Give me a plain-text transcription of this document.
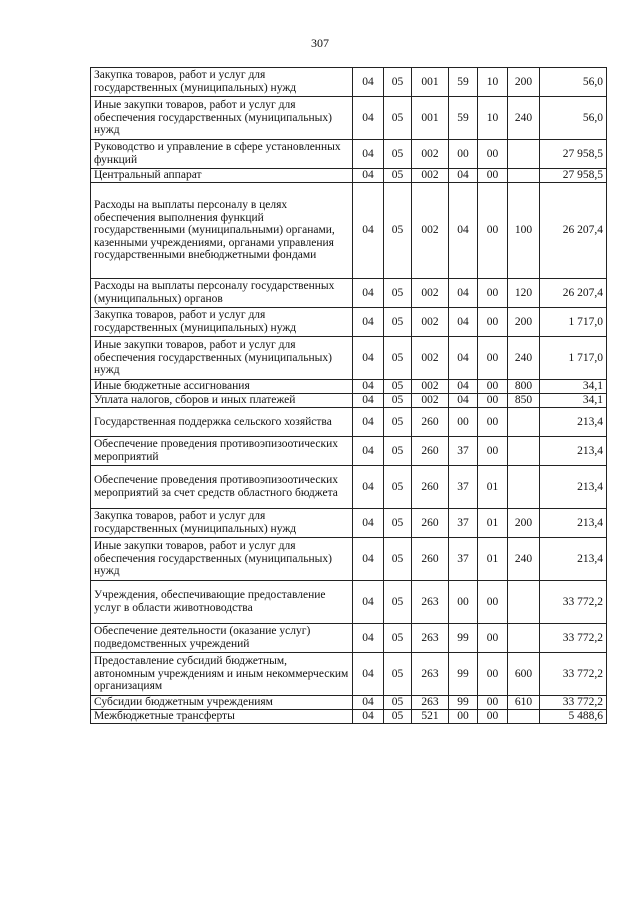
307
Закупка товаров, работ и услуг для государственных (муниципальных) нужд	04	05	001	59	10	200	56,0
Иные закупки товаров, работ и услуг для обеспечения государственных (муниципальных) нужд	04	05	001	59	10	240	56,0
Руководство и управление в сфере установленных функций	04	05	002	00	00		27 958,5
Центральный аппарат	04	05	002	04	00		27 958,5
Расходы на выплаты персоналу в целях обеспечения выполнения функций государственными (муниципальными) органами, казенными учреждениями, органами управления государственными внебюджетными фондами	04	05	002	04	00	100	26 207,4
Расходы на выплаты персоналу государственных (муниципальных) органов	04	05	002	04	00	120	26 207,4
Закупка товаров, работ и услуг для государственных (муниципальных) нужд	04	05	002	04	00	200	1 717,0
Иные закупки товаров, работ и услуг для обеспечения государственных (муниципальных) нужд	04	05	002	04	00	240	1 717,0
Иные бюджетные ассигнования	04	05	002	04	00	800	34,1
Уплата налогов, сборов и иных платежей	04	05	002	04	00	850	34,1
Государственная поддержка сельского хозяйства	04	05	260	00	00		213,4
Обеспечение проведения противоэпизоотических мероприятий	04	05	260	37	00		213,4
Обеспечение проведения противоэпизоотических мероприятий за счет средств областного бюджета	04	05	260	37	01		213,4
Закупка товаров, работ и услуг для государственных (муниципальных) нужд	04	05	260	37	01	200	213,4
Иные закупки товаров, работ и услуг для обеспечения государственных (муниципальных) нужд	04	05	260	37	01	240	213,4
Учреждения, обеспечивающие предоставление услуг в области животноводства	04	05	263	00	00		33 772,2
Обеспечение деятельности (оказание услуг) подведомственных учреждений	04	05	263	99	00		33 772,2
Предоставление субсидий бюджетным, автономным учреждениям и иным некоммерческим организациям	04	05	263	99	00	600	33 772,2
Субсидии бюджетным учреждениям	04	05	263	99	00	610	33 772,2
Межбюджетные трансферты	04	05	521	00	00		5 488,6
